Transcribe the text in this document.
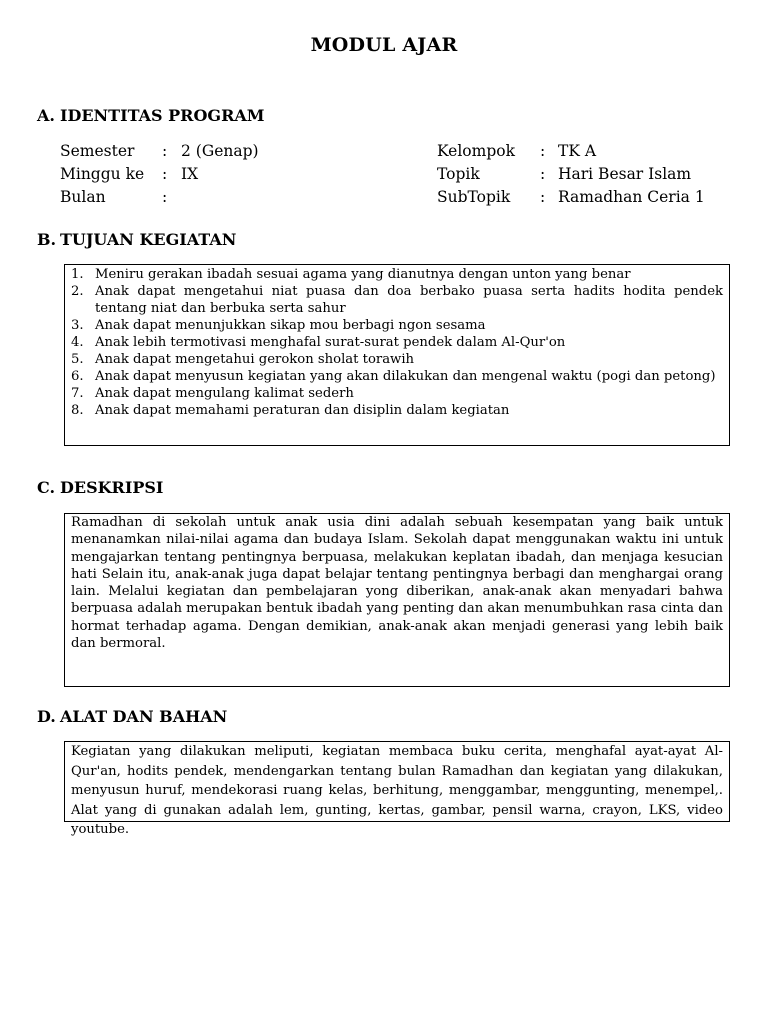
MODUL AJAR
A. IDENTITAS PROGRAM
Semester : 2 (Genap)
Minggu ke : IX
Bulan	:
Kelompok : TK A
Topik	: Hari Besar Islam
SubTopik : Ramadhan Ceria 1
B. TUJUAN KEGIATAN
1. Meniru gerakan ibadah sesuai agama yang dianutnya dengan unton yang benar
2. Anak dapat mengetahui niat puasa dan doa berbako puasa serta hadits hodita pendek tentang niat dan berbuka serta sahur
3. Anak dapat menunjukkan sikap mou berbagi ngon sesama
4. Anak lebih termotivasi menghafal surat-surat pendek dalam Al-Qur'on
5. Anak dapat mengetahui gerokon sholat torawih
6. Anak dapat menyusun kegiatan yang akan dilakukan dan mengenal waktu (pogi dan petong)
7. Anak dapat mengulang kalimat sederh
8. Anak dapat memahami peraturan dan disiplin dalam kegiatan
C. DESKRIPSI
Ramadhan di sekolah untuk anak usia dini adalah sebuah kesempatan yang baik untuk menanamkan nilai-nilai agama dan budaya Islam. Sekolah dapat menggunakan waktu ini untuk mengajarkan tentang pentingnya berpuasa, melakukan keplatan ibadah, dan menjaga kesucian hati Selain itu, anak-anak juga dapat belajar tentang pentingnya berbagi dan menghargai orang lain. Melalui kegiatan dan pembelajaran yong diberikan, anak-anak akan menyadari bahwa berpuasa adalah merupakan bentuk ibadah yang penting dan akan menumbuhkan rasa cinta dan hormat terhadap agama. Dengan demikian, anak-anak akan menjadi generasi yang lebih baik dan bermoral.
D. ALAT DAN BAHAN
Kegiatan yang dilakukan meliputi, kegiatan membaca buku cerita, menghafal ayat-ayat Al-Qur'an, hodits pendek, mendengarkan tentang bulan Ramadhan dan kegiatan yang dilakukan, menyusun huruf, mendekorasi ruang kelas, berhitung, menggambar, menggunting, menempel,. Alat yang di gunakan adalah lem, gunting, kertas, gambar, pensil warna, crayon, LKS, video youtube.
